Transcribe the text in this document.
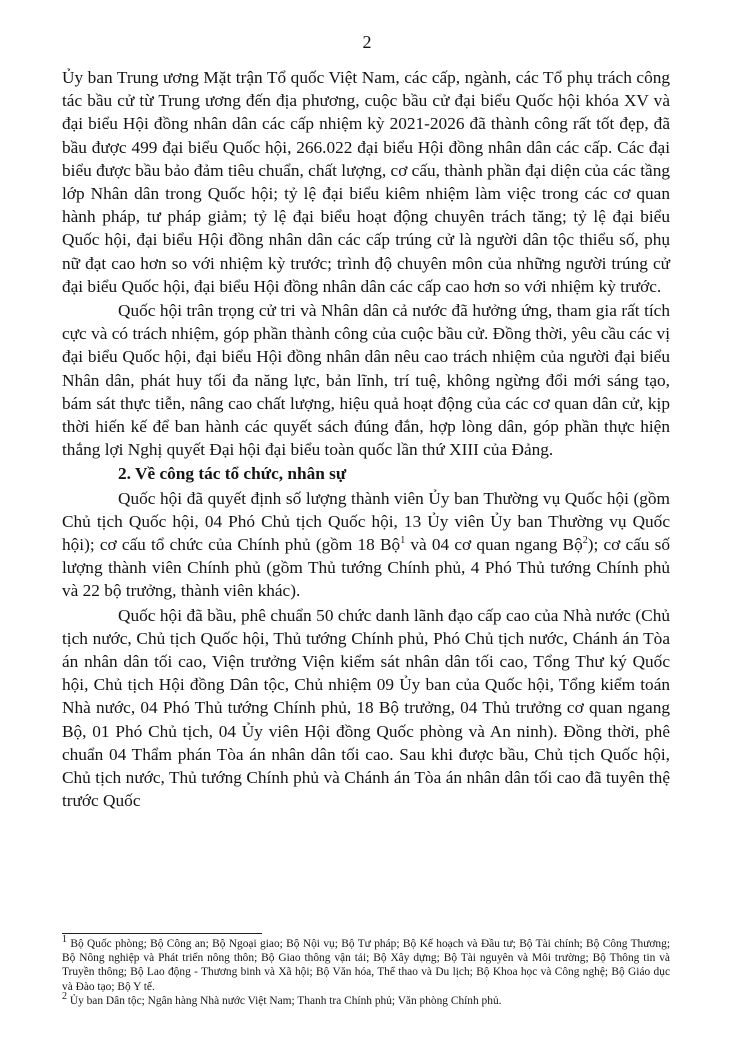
2

Ủy ban Trung ương Mặt trận Tổ quốc Việt Nam, các cấp, ngành, các Tổ phụ trách công tác bầu cử từ Trung ương đến địa phương, cuộc bầu cử đại biểu Quốc hội khóa XV và đại biểu Hội đồng nhân dân các cấp nhiệm kỳ 2021-2026 đã thành công rất tốt đẹp, đã bầu được 499 đại biểu Quốc hội, 266.022 đại biểu Hội đồng nhân dân các cấp. Các đại biểu được bầu bảo đảm tiêu chuẩn, chất lượng, cơ cấu, thành phần đại diện của các tầng lớp Nhân dân trong Quốc hội; tỷ lệ đại biểu kiêm nhiệm làm việc trong các cơ quan hành pháp, tư pháp giảm; tỷ lệ đại biểu hoạt động chuyên trách tăng; tỷ lệ đại biểu Quốc hội, đại biểu Hội đồng nhân dân các cấp trúng cử là người dân tộc thiểu số, phụ nữ đạt cao hơn so với nhiệm kỳ trước; trình độ chuyên môn của những người trúng cử đại biểu Quốc hội, đại biểu Hội đồng nhân dân các cấp cao hơn so với nhiệm kỳ trước.

Quốc hội trân trọng cử tri và Nhân dân cả nước đã hưởng ứng, tham gia rất tích cực và có trách nhiệm, góp phần thành công của cuộc bầu cử. Đồng thời, yêu cầu các vị đại biểu Quốc hội, đại biểu Hội đồng nhân dân nêu cao trách nhiệm của người đại biểu Nhân dân, phát huy tối đa năng lực, bản lĩnh, trí tuệ, không ngừng đổi mới sáng tạo, bám sát thực tiễn, nâng cao chất lượng, hiệu quả hoạt động của các cơ quan dân cử, kịp thời hiến kế để ban hành các quyết sách đúng đắn, hợp lòng dân, góp phần thực hiện thắng lợi Nghị quyết Đại hội đại biểu toàn quốc lần thứ XIII của Đảng.

2. Về công tác tổ chức, nhân sự

Quốc hội đã quyết định số lượng thành viên Ủy ban Thường vụ Quốc hội (gồm Chủ tịch Quốc hội, 04 Phó Chủ tịch Quốc hội, 13 Ủy viên Ủy ban Thường vụ Quốc hội); cơ cấu tổ chức của Chính phủ (gồm 18 Bộ$^1$ và 04 cơ quan ngang Bộ$^2$); cơ cấu số lượng thành viên Chính phủ (gồm Thủ tướng Chính phủ, 4 Phó Thủ tướng Chính phủ và 22 bộ trưởng, thành viên khác).

Quốc hội đã bầu, phê chuẩn 50 chức danh lãnh đạo cấp cao của Nhà nước (Chủ tịch nước, Chủ tịch Quốc hội, Thủ tướng Chính phủ, Phó Chủ tịch nước, Chánh án Tòa án nhân dân tối cao, Viện trưởng Viện kiểm sát nhân dân tối cao, Tổng Thư ký Quốc hội, Chủ tịch Hội đồng Dân tộc, Chủ nhiệm 09 Ủy ban của Quốc hội, Tổng kiểm toán Nhà nước, 04 Phó Thủ tướng Chính phủ, 18 Bộ trưởng, 04 Thủ trưởng cơ quan ngang Bộ, 01 Phó Chủ tịch, 04 Ủy viên Hội đồng Quốc phòng và An ninh). Đồng thời, phê chuẩn 04 Thẩm phán Tòa án nhân dân tối cao. Sau khi được bầu, Chủ tịch Quốc hội, Chủ tịch nước, Thủ tướng Chính phủ và Chánh án Tòa án nhân dân tối cao đã tuyên thệ trước Quốc

$^1$ Bộ Quốc phòng; Bộ Công an; Bộ Ngoại giao; Bộ Nội vụ; Bộ Tư pháp; Bộ Kế hoạch và Đầu tư; Bộ Tài chính; Bộ Công Thương; Bộ Nông nghiệp và Phát triển nông thôn; Bộ Giao thông vận tải; Bộ Xây dựng; Bộ Tài nguyên và Môi trường; Bộ Thông tin và Truyền thông; Bộ Lao động - Thương binh và Xã hội; Bộ Văn hóa, Thể thao và Du lịch; Bộ Khoa học và Công nghệ; Bộ Giáo dục và Đào tạo; Bộ Y tế.

$^2$ Ủy ban Dân tộc; Ngân hàng Nhà nước Việt Nam; Thanh tra Chính phủ; Văn phòng Chính phủ.
